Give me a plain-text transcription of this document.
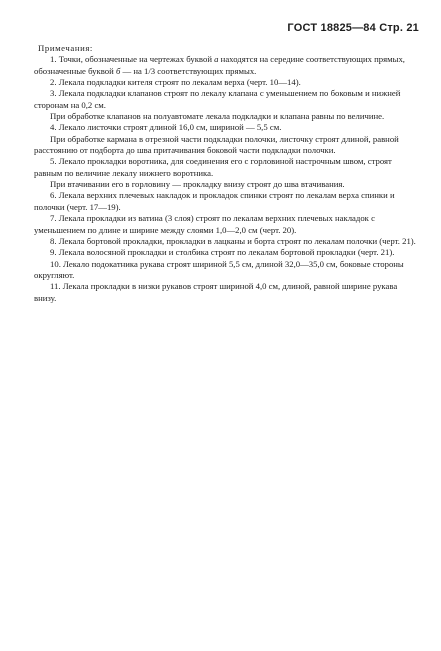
ГОСТ 18825—84 Стр. 21

Примечания:

1. Точки, обозначенные на чертежах буквой а находятся на середине соответствующих прямых, обозначенные буквой б — на 1/3 соответствующих прямых.

2. Лекала подкладки кителя строят по лекалам верха (черт. 10—14).

3. Лекала подкладки клапанов строят по лекалу клапана с уменьшением по боковым и нижней сторонам на 0,2 см.

При обработке клапанов на полуавтомате лекала подкладки и клапана равны по величине.

4. Лекало листочки строят длиной 16,0 см, шириной — 5,5 см.

При обработке кармана в отрезной части подкладки полочки, листочку строят длиной, равной расстоянию от подборта до шва притачивания боковой части подкладки полочки.

5. Лекало прокладки воротника, для соединения его с горловиной настрочным швом, строят равным по величине лекалу нижнего воротника.

При втачивании его в горловину — прокладку внизу строят до шва втачивания.

6. Лекала верхних плечевых накладок и прокладок спинки строят по лекалам верха спинки и полочки (черт. 17—19).

7. Лекала прокладки из ватина (3 слоя) строят по лекалам верхних плечевых накладок с уменьшением по длине и ширине между слоями 1,0—2,0 см (черт. 20).

8. Лекала бортовой прокладки, прокладки в лацканы и борта строят по лекалам полочки (черт. 21).

9. Лекала волосяной прокладки и столбика строят по лекалам бортовой прокладки (черт. 21).

10. Лекало подокатника рукава строят шириной 5,5 см, длиной 32,0—35,0 см, боковые стороны округляют.

11. Лекала прокладки в низки рукавов строят шириной 4,0 см, длиной, равной ширине рукава внизу.
